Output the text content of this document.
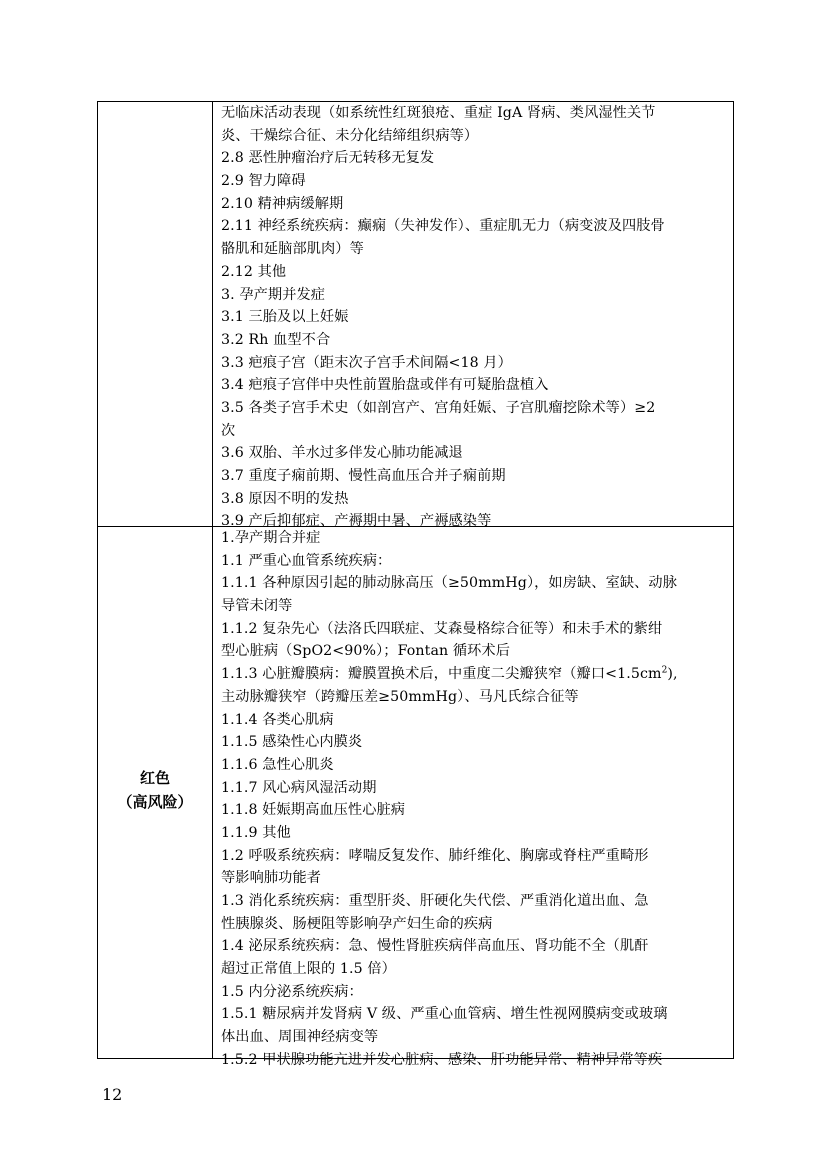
无临床活动表现（如系统性红斑狼疮、重症 IgA 肾病、类风湿性关节
炎、干燥综合征、未分化结缔组织病等）
2.8 恶性肿瘤治疗后无转移无复发
2.9 智力障碍
2.10 精神病缓解期
2.11 神经系统疾病：癫痫（失神发作）、重症肌无力（病变波及四肢骨
骼肌和延脑部肌肉）等
2.12 其他
3. 孕产期并发症
3.1 三胎及以上妊娠
3.2 Rh 血型不合
3.3 疤痕子宫（距末次子宫手术间隔<18 月）
3.4 疤痕子宫伴中央性前置胎盘或伴有可疑胎盘植入
3.5 各类子宫手术史（如剖宫产、宫角妊娠、子宫肌瘤挖除术等）≥2
次
3.6 双胎、羊水过多伴发心肺功能减退
3.7 重度子痫前期、慢性高血压合并子痫前期
3.8 原因不明的发热
3.9 产后抑郁症、产褥期中暑、产褥感染等
红色
（高风险）
1.孕产期合并症
1.1 严重心血管系统疾病：
1.1.1 各种原因引起的肺动脉高压（≥50mmHg），如房缺、室缺、动脉
导管未闭等
1.1.2 复杂先心（法洛氏四联症、艾森曼格综合征等）和未手术的紫绀
型心脏病（SpO2<90%）；Fontan 循环术后
1.1.3 心脏瓣膜病：瓣膜置换术后，中重度二尖瓣狭窄（瓣口$<1.5cm^2$),
主动脉瓣狭窄（跨瓣压差≥50mmHg）、马凡氏综合征等
1.1.4 各类心肌病
1.1.5 感染性心内膜炎
1.1.6 急性心肌炎
1.1.7 风心病风湿活动期
1.1.8 妊娠期高血压性心脏病
1.1.9 其他
1.2 呼吸系统疾病：哮喘反复发作、肺纤维化、胸廓或脊柱严重畸形
等影响肺功能者
1.3 消化系统疾病：重型肝炎、肝硬化失代偿、严重消化道出血、急
性胰腺炎、肠梗阻等影响孕产妇生命的疾病
1.4 泌尿系统疾病：急、慢性肾脏疾病伴高血压、肾功能不全（肌酐
超过正常值上限的 1.5 倍）
1.5 内分泌系统疾病：
1.5.1 糖尿病并发肾病 V 级、严重心血管病、增生性视网膜病变或玻璃
体出血、周围神经病变等
1.5.2 甲状腺功能亢进并发心脏病、感染、肝功能异常、精神异常等疾
12
